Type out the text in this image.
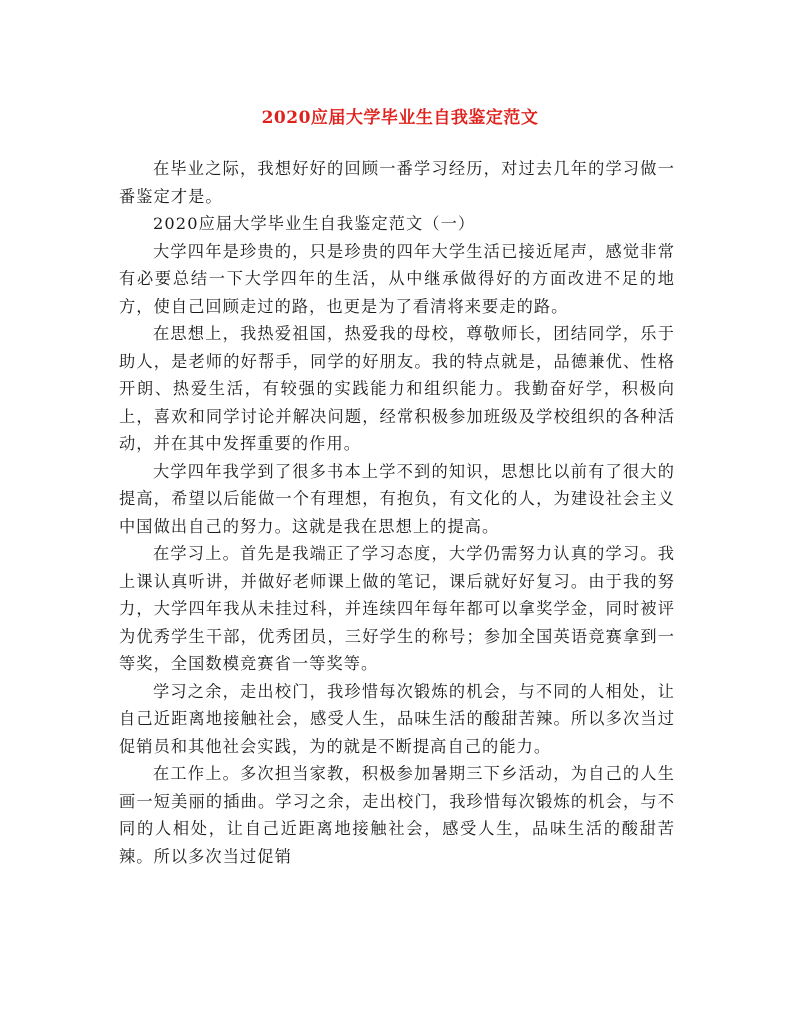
2020应届大学毕业生自我鉴定范文

在毕业之际，我想好好的回顾一番学习经历，对过去几年的学习做一番鉴定才是。

2020应届大学毕业生自我鉴定范文（一）

大学四年是珍贵的，只是珍贵的四年大学生活已接近尾声，感觉非常有必要总结一下大学四年的生活，从中继承做得好的方面改进不足的地方，使自己回顾走过的路，也更是为了看清将来要走的路。

在思想上，我热爱祖国，热爱我的母校，尊敬师长，团结同学，乐于助人，是老师的好帮手，同学的好朋友。我的特点就是，品德兼优、性格开朗、热爱生活，有较强的实践能力和组织能力。我勤奋好学，积极向上，喜欢和同学讨论并解决问题，经常积极参加班级及学校组织的各种活动，并在其中发挥重要的作用。

大学四年我学到了很多书本上学不到的知识，思想比以前有了很大的提高，希望以后能做一个有理想，有抱负，有文化的人，为建设社会主义中国做出自己的努力。这就是我在思想上的提高。

在学习上。首先是我端正了学习态度，大学仍需努力认真的学习。我上课认真听讲，并做好老师课上做的笔记，课后就好好复习。由于我的努力，大学四年我从未挂过科，并连续四年每年都可以拿奖学金，同时被评为优秀学生干部，优秀团员，三好学生的称号；参加全国英语竞赛拿到一等奖，全国数模竞赛省一等奖等。

学习之余，走出校门，我珍惜每次锻炼的机会，与不同的人相处，让自己近距离地接触社会，感受人生，品味生活的酸甜苦辣。所以多次当过促销员和其他社会实践，为的就是不断提高自己的能力。

在工作上。多次担当家教，积极参加暑期三下乡活动，为自己的人生画一短美丽的插曲。学习之余，走出校门，我珍惜每次锻炼的机会，与不同的人相处，让自己近距离地接触社会，感受人生，品味生活的酸甜苦辣。所以多次当过促销
